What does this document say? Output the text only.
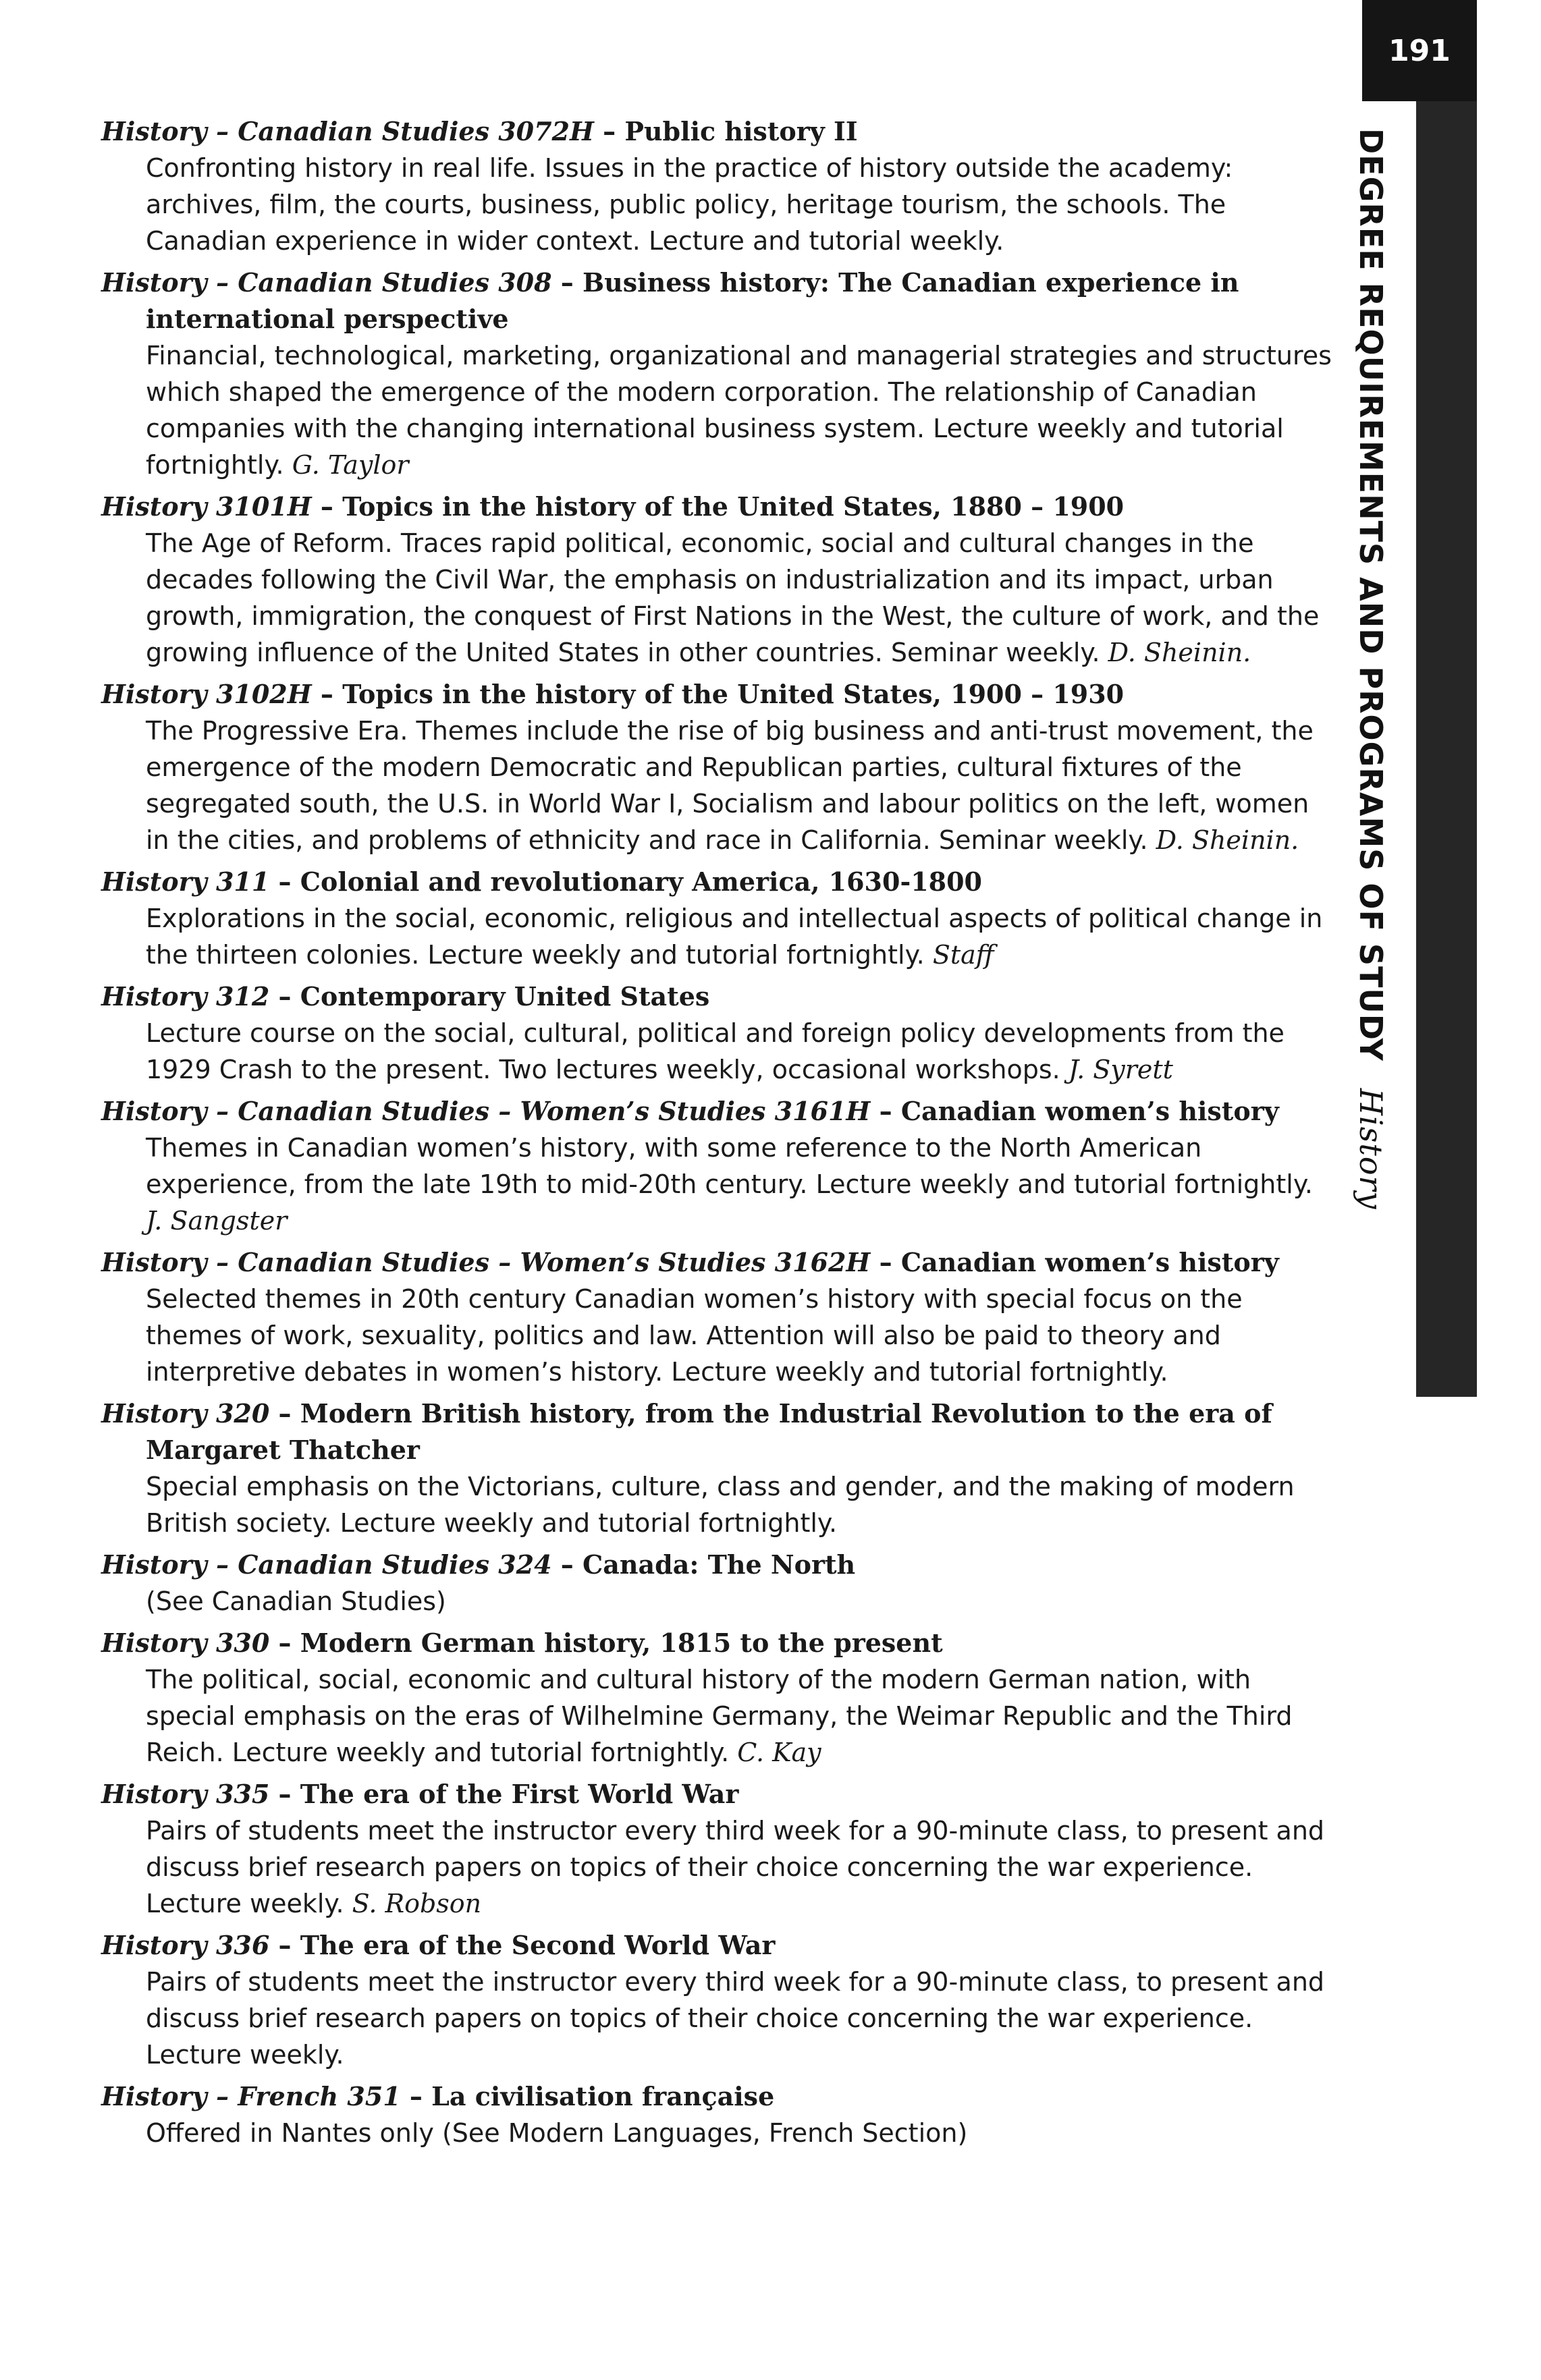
191
DEGREE REQUIREMENTS AND PROGRAMS OF STUDYHistory

History – Canadian Studies 3072H – Public history II

Confronting history in real life. Issues in the practice of history outside the academy: archives, film, the courts, business, public policy, heritage tourism, the schools. The Canadian experience in wider context. Lecture and tutorial weekly.

History – Canadian Studies 308 – Business history: The Canadian experience in international perspective

Financial, technological, marketing, organizational and managerial strategies and structures which shaped the emergence of the modern corporation. The relationship of Canadian companies with the changing international business system. Lecture weekly and tutorial fortnightly. G. Taylor

History 3101H – Topics in the history of the United States, 1880 – 1900

The Age of Reform. Traces rapid political, economic, social and cultural changes in the decades following the Civil War, the emphasis on industrialization and its impact, urban growth, immigration, the conquest of First Nations in the West, the culture of work, and the growing influence of the United States in other countries. Seminar weekly. D. Sheinin.

History 3102H – Topics in the history of the United States, 1900 – 1930

The Progressive Era. Themes include the rise of big business and anti-trust movement, the emergence of the modern Democratic and Republican parties, cultural fixtures of the segregated south, the U.S. in World War I, Socialism and labour politics on the left, women in the cities, and problems of ethnicity and race in California. Seminar weekly. D. Sheinin.

History 311 – Colonial and revolutionary America, 1630-1800

Explorations in the social, economic, religious and intellectual aspects of political change in the thirteen colonies. Lecture weekly and tutorial fortnightly. Staff

History 312 – Contemporary United States

Lecture course on the social, cultural, political and foreign policy developments from the 1929 Crash to the present. Two lectures weekly, occasional workshops. J. Syrett

History – Canadian Studies – Women’s Studies 3161H – Canadian women’s history

Themes in Canadian women’s history, with some reference to the North American experience, from the late 19th to mid-20th century. Lecture weekly and tutorial fortnightly. J. Sangster

History – Canadian Studies – Women’s Studies 3162H – Canadian women’s history

Selected themes in 20th century Canadian women’s history with special focus on the themes of work, sexuality, politics and law. Attention will also be paid to theory and interpretive debates in women’s history. Lecture weekly and tutorial fortnightly.

History 320 – Modern British history, from the Industrial Revolution to the era of Margaret Thatcher

Special emphasis on the Victorians, culture, class and gender, and the making of modern British society. Lecture weekly and tutorial fortnightly.

History – Canadian Studies 324 – Canada: The North

(See Canadian Studies)

History 330 – Modern German history, 1815 to the present

The political, social, economic and cultural history of the modern German nation, with special emphasis on the eras of Wilhelmine Germany, the Weimar Republic and the Third Reich. Lecture weekly and tutorial fortnightly. C. Kay

History 335 – The era of the First World War

Pairs of students meet the instructor every third week for a 90-minute class, to present and discuss brief research papers on topics of their choice concerning the war experience. Lecture weekly. S. Robson

History 336 – The era of the Second World War

Pairs of students meet the instructor every third week for a 90-minute class, to present and discuss brief research papers on topics of their choice concerning the war experience. Lecture weekly.

History – French 351 – La civilisation française

Offered in Nantes only (See Modern Languages, French Section)
